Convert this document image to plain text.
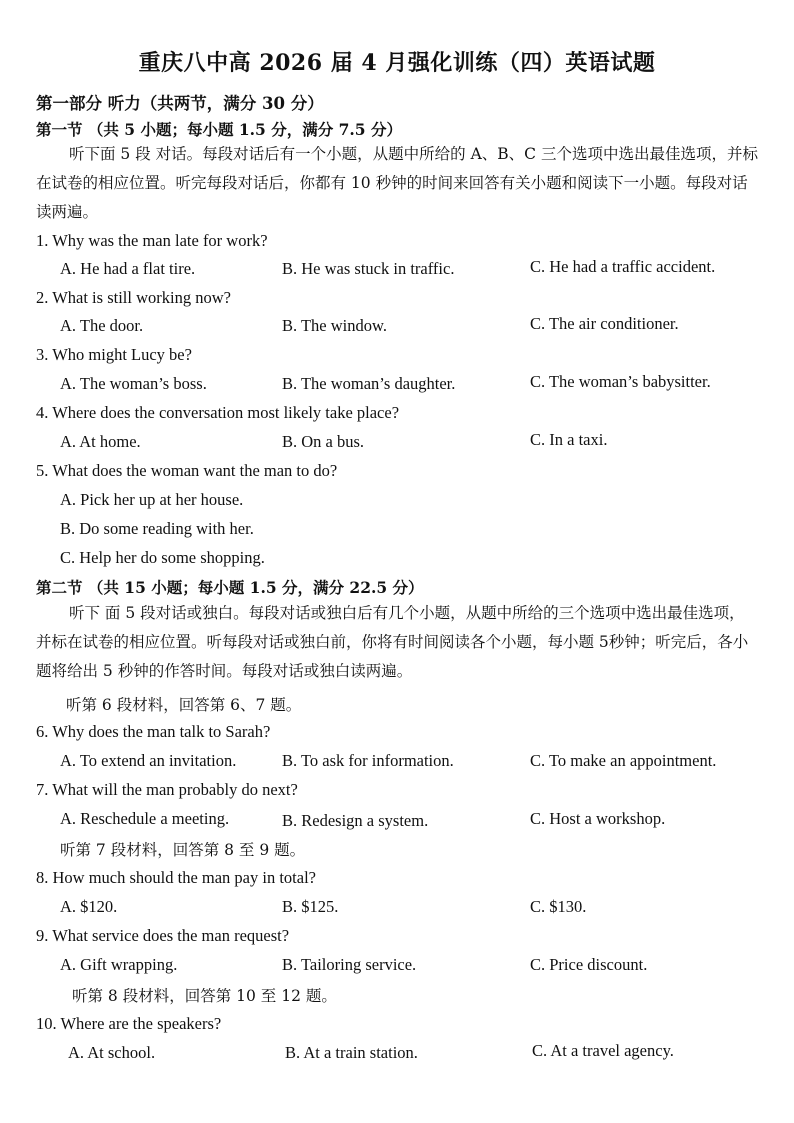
重庆八中高 2026 届 4 月强化训练（四）英语试题
第一部分 听力（共两节，满分 30 分）
第一节 （共 5 小题；每小题 1.5 分，满分 7.5 分）
听下面 5 段 对话。每段对话后有一个小题，从题中所给的 A、B、C 三个选项中选出最佳选项，并标在试卷的相应位置。听完每段对话后，你都有 10 秒钟的时间来回答有关小题和阅读下一小题。每段对话读两遍。
1. Why was the man late for work?
A. He had a flat tire.	B. He was stuck in traffic.	C. He had a traffic accident.
2. What is still working now?
A. The door.	B. The window.	C. The air conditioner.
3. Who might Lucy be?
A. The woman’s boss.	B. The woman’s daughter.	C. The woman’s babysitter.
4. Where does the conversation most likely take place?
A. At home.	B. On a bus.	C. In a taxi.
5. What does the woman want the man to do?
A. Pick her up at her house.
B. Do some reading with her.
C. Help her do some shopping.
第二节 （共 15 小题；每小题 1.5 分，满分 22.5 分）
听下 面 5 段对话或独白。每段对话或独白后有几个小题，从题中所给的三个选项中选出最佳选项，并标在试卷的相应位置。听每段对话或独白前，你将有时间阅读各个小题，每小题 5秒钟；听完后，各小题将给出 5 秒钟的作答时间。每段对话或独白读两遍。
听第 6 段材料，回答第 6、7 题。
6. Why does the man talk to Sarah?
A. To extend an invitation.	B. To ask for information.	C. To make an appointment.
7. What will the man probably do next?
A. Reschedule a meeting.	B. Redesign a system.	C. Host a workshop.
听第 7 段材料，回答第 8 至 9 题。
8. How much should the man pay in total?
A. $120.	B. $125.	C. $130.
9. What service does the man request?
A. Gift wrapping.	B. Tailoring service.	C. Price discount.
听第 8 段材料，回答第 10 至 12 题。
10. Where are the speakers?
A. At school.	B. At a train station.	C. At a travel agency.
